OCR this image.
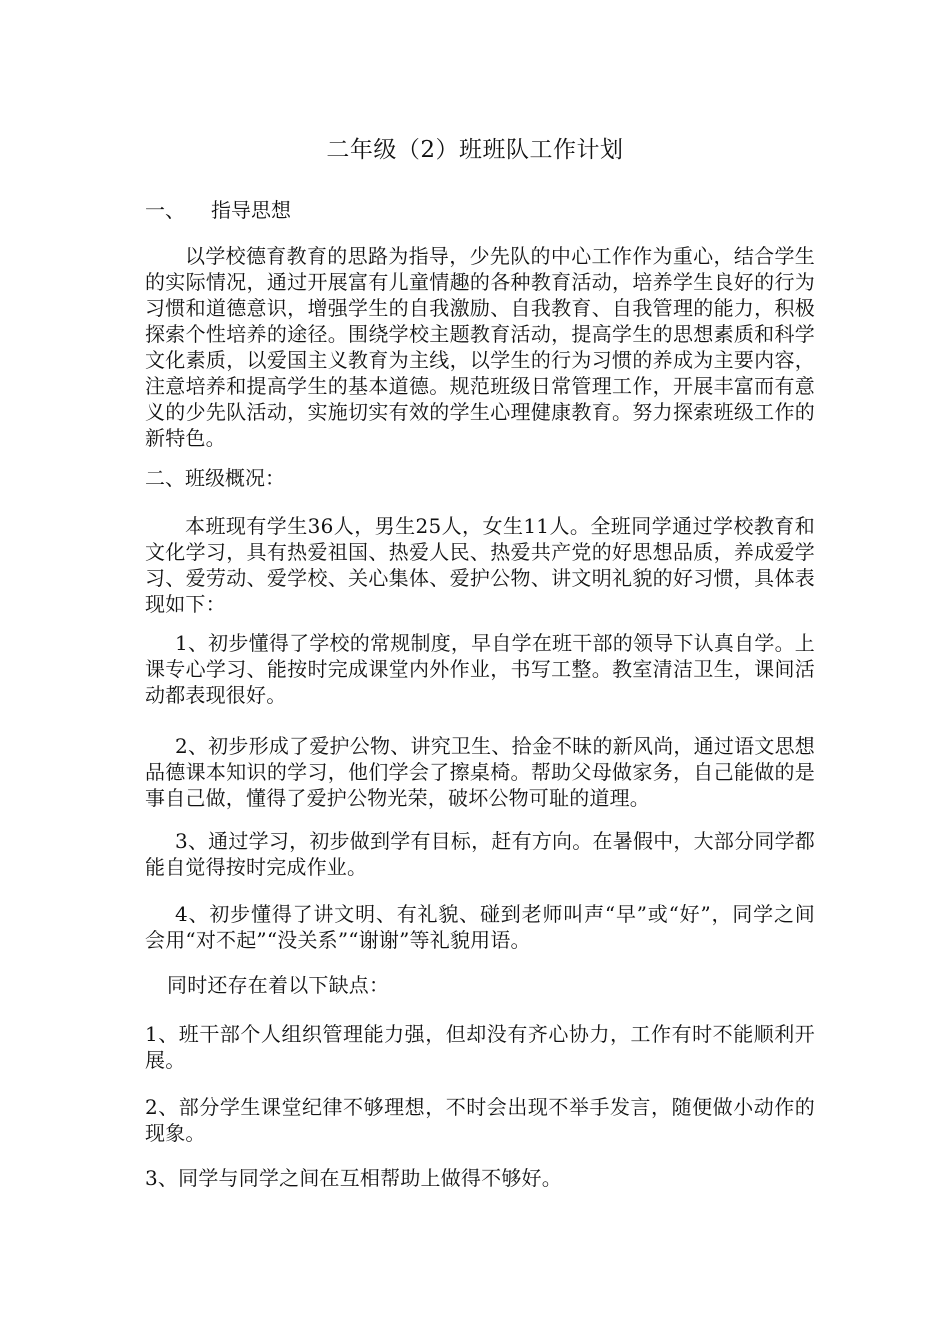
二年级（2）班班队工作计划
一、 指导思想
以学校德育教育的思路为指导，少先队的中心工作作为重心，结合学生的实际情况，通过开展富有儿童情趣的各种教育活动，培养学生良好的行为习惯和道德意识，增强学生的自我激励、自我教育、自我管理的能力，积极探索个性培养的途径。围绕学校主题教育活动，提高学生的思想素质和科学文化素质，以爱国主义教育为主线，以学生的行为习惯的养成为主要内容，注意培养和提高学生的基本道德。规范班级日常管理工作，开展丰富而有意义的少先队活动，实施切实有效的学生心理健康教育。努力探索班级工作的新特色。
二、班级概况：
本班现有学生36人，男生25人，女生11人。全班同学通过学校教育和文化学习，具有热爱祖国、热爱人民、热爱共产党的好思想品质，养成爱学习、爱劳动、爱学校、关心集体、爱护公物、讲文明礼貌的好习惯，具体表现如下：
1、初步懂得了学校的常规制度，早自学在班干部的领导下认真自学。上课专心学习、能按时完成课堂内外作业，书写工整。教室清洁卫生，课间活动都表现很好。
2、初步形成了爱护公物、讲究卫生、拾金不昧的新风尚，通过语文思想品德课本知识的学习，他们学会了擦桌椅。帮助父母做家务，自己能做的是事自己做，懂得了爱护公物光荣，破坏公物可耻的道理。
3、通过学习，初步做到学有目标，赶有方向。在暑假中，大部分同学都能自觉得按时完成作业。
4、初步懂得了讲文明、有礼貌、碰到老师叫声“早”或“好”，同学之间会用“对不起”“没关系”“谢谢”等礼貌用语。
同时还存在着以下缺点：
1、班干部个人组织管理能力强，但却没有齐心协力，工作有时不能顺利开展。
2、部分学生课堂纪律不够理想，不时会出现不举手发言，随便做小动作的现象。
3、同学与同学之间在互相帮助上做得不够好。
